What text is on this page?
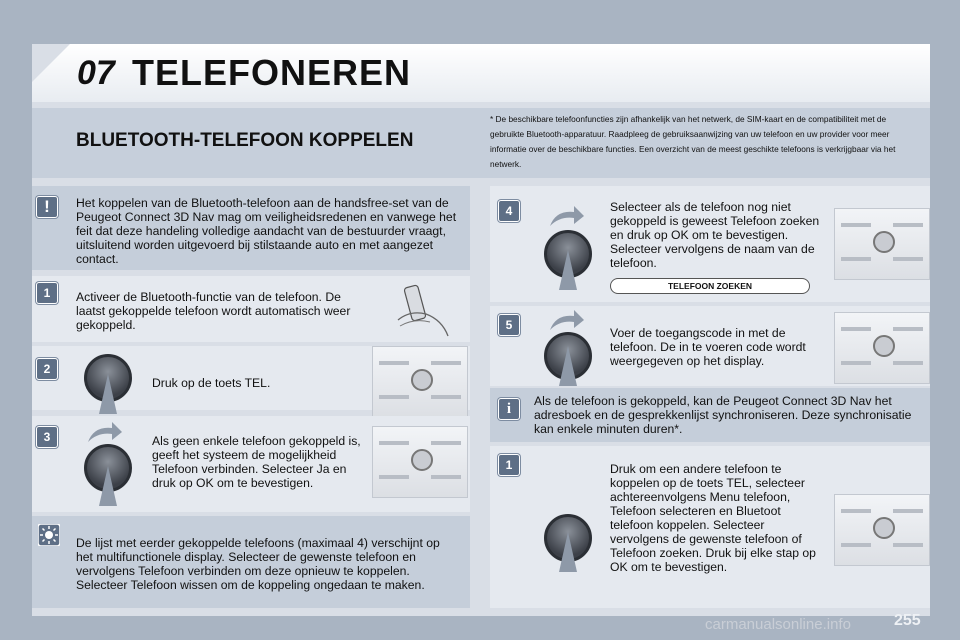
07 TELEFONEREN
BLUETOOTH-TELEFOON KOPPELEN
* De beschikbare telefoonfuncties zijn afhankelijk van het netwerk, de SIM-kaart en de compatibiliteit met de gebruikte Bluetooth-apparatuur. Raadpleeg de gebruiksaanwijzing van uw telefoon en uw provider voor meer informatie over de beschikbare functies. Een overzicht van de meest geschikte telefoons is verkrijgbaar via het netwerk.
!	Het koppelen van de Bluetooth-telefoon aan de handsfree-set van de Peugeot Connect 3D Nav mag om veiligheidsredenen en vanwege het feit dat deze handeling volledige aandacht van de bestuurder vraagt, uitsluitend worden uitgevoerd bij stilstaande auto en met aangezet contact.
1	Activeer de Bluetooth-functie van de telefoon. De laatst gekoppelde telefoon wordt automatisch weer gekoppeld.
2
Druk op de toets TEL.
3	Als geen enkele telefoon gekoppeld is, geeft het systeem de mogelijkheid Telefoon verbinden. Selecteer Ja en druk op OK om te bevestigen.
De lijst met eerder gekoppelde telefoons (maximaal 4) verschijnt op het multifunctionele display. Selecteer de gewenste telefoon en vervolgens Telefoon verbinden om deze opnieuw te koppelen. Selecteer Telefoon wissen om de koppeling ongedaan te maken.
4	Selecteer als de telefoon nog niet gekoppeld is geweest Telefoon zoeken en druk op OK om te bevestigen. Selecteer vervolgens de naam van de telefoon.
TELEFOON ZOEKEN
5
Voer de toegangscode in met de telefoon. De in te voeren code wordt weergegeven op het display.
i	Als de telefoon is gekoppeld, kan de Peugeot Connect 3D Nav het adresboek en de gesprekkenlijst synchroniseren. Deze synchronisatie kan enkele minuten duren*.
1	Druk om een andere telefoon te koppelen op de toets TEL, selecteer achtereenvolgens Menu telefoon, Telefoon selecteren en Bluetoot telefoon koppelen. Selecteer vervolgens de gewenste telefoon of Telefoon zoeken. Druk bij elke stap op OK om te bevestigen.
carmanualsonline.info	255
